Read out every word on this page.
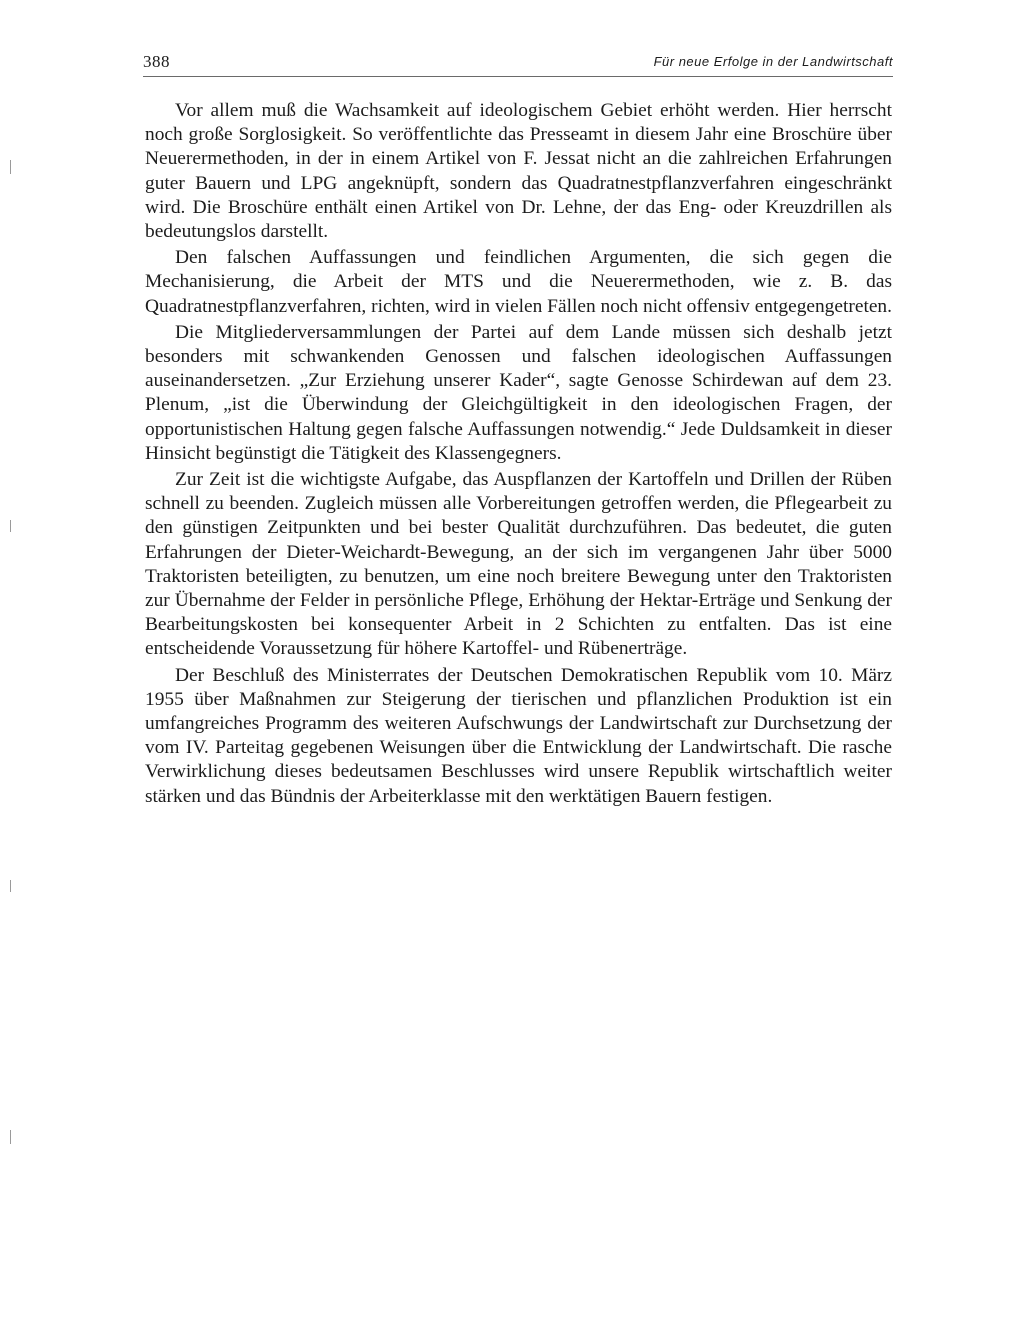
388	Für neue Erfolge in der Landwirtschaft

Vor allem muß die Wachsamkeit auf ideologischem Gebiet erhöht werden. Hier herrscht noch große Sorglosigkeit. So veröffentlichte das Presseamt in diesem Jahr eine Broschüre über Neuerermethoden, in der in einem Artikel von F. Jessat nicht an die zahlreichen Erfahrungen guter Bauern und LPG angeknüpft, sondern das Quadratnestpflanzverfahren eingeschränkt wird. Die Broschüre enthält einen Artikel von Dr. Lehne, der das Eng- oder Kreuzdrillen als bedeutungslos darstellt.

Den falschen Auffassungen und feindlichen Argumenten, die sich gegen die Mechanisierung, die Arbeit der MTS und die Neuerermethoden, wie z. B. das Quadratnestpflanzverfahren, richten, wird in vielen Fällen noch nicht offensiv entgegengetreten.

Die Mitgliederversammlungen der Partei auf dem Lande müssen sich deshalb jetzt besonders mit schwankenden Genossen und falschen ideologischen Auffassungen auseinandersetzen. „Zur Erziehung unserer Kader“, sagte Genosse Schirdewan auf dem 23. Plenum, „ist die Überwindung der Gleichgültigkeit in den ideologischen Fragen, der opportunistischen Haltung gegen falsche Auffassungen notwendig.“ Jede Duldsamkeit in dieser Hinsicht begünstigt die Tätigkeit des Klassengegners.

Zur Zeit ist die wichtigste Aufgabe, das Auspflanzen der Kartoffeln und Drillen der Rüben schnell zu beenden. Zugleich müssen alle Vorbereitungen getroffen werden, die Pflegearbeit zu den günstigen Zeitpunkten und bei bester Qualität durchzuführen. Das bedeutet, die guten Erfahrungen der Dieter-Weichardt-Bewegung, an der sich im vergangenen Jahr über 5000 Traktoristen beteiligten, zu benutzen, um eine noch breitere Bewegung unter den Traktoristen zur Übernahme der Felder in persönliche Pflege, Erhöhung der Hektar-Erträge und Senkung der Bearbeitungskosten bei konsequenter Arbeit in 2 Schichten zu entfalten. Das ist eine entscheidende Voraussetzung für höhere Kartoffel- und Rübenerträge.

Der Beschluß des Ministerrates der Deutschen Demokratischen Republik vom 10. März 1955 über Maßnahmen zur Steigerung der tierischen und pflanzlichen Produktion ist ein umfangreiches Programm des weiteren Aufschwungs der Landwirtschaft zur Durchsetzung der vom IV. Parteitag gegebenen Weisungen über die Entwicklung der Landwirtschaft. Die rasche Verwirklichung dieses bedeutsamen Beschlusses wird unsere Republik wirtschaftlich weiter stärken und das Bündnis der Arbeiterklasse mit den werktätigen Bauern festigen.
